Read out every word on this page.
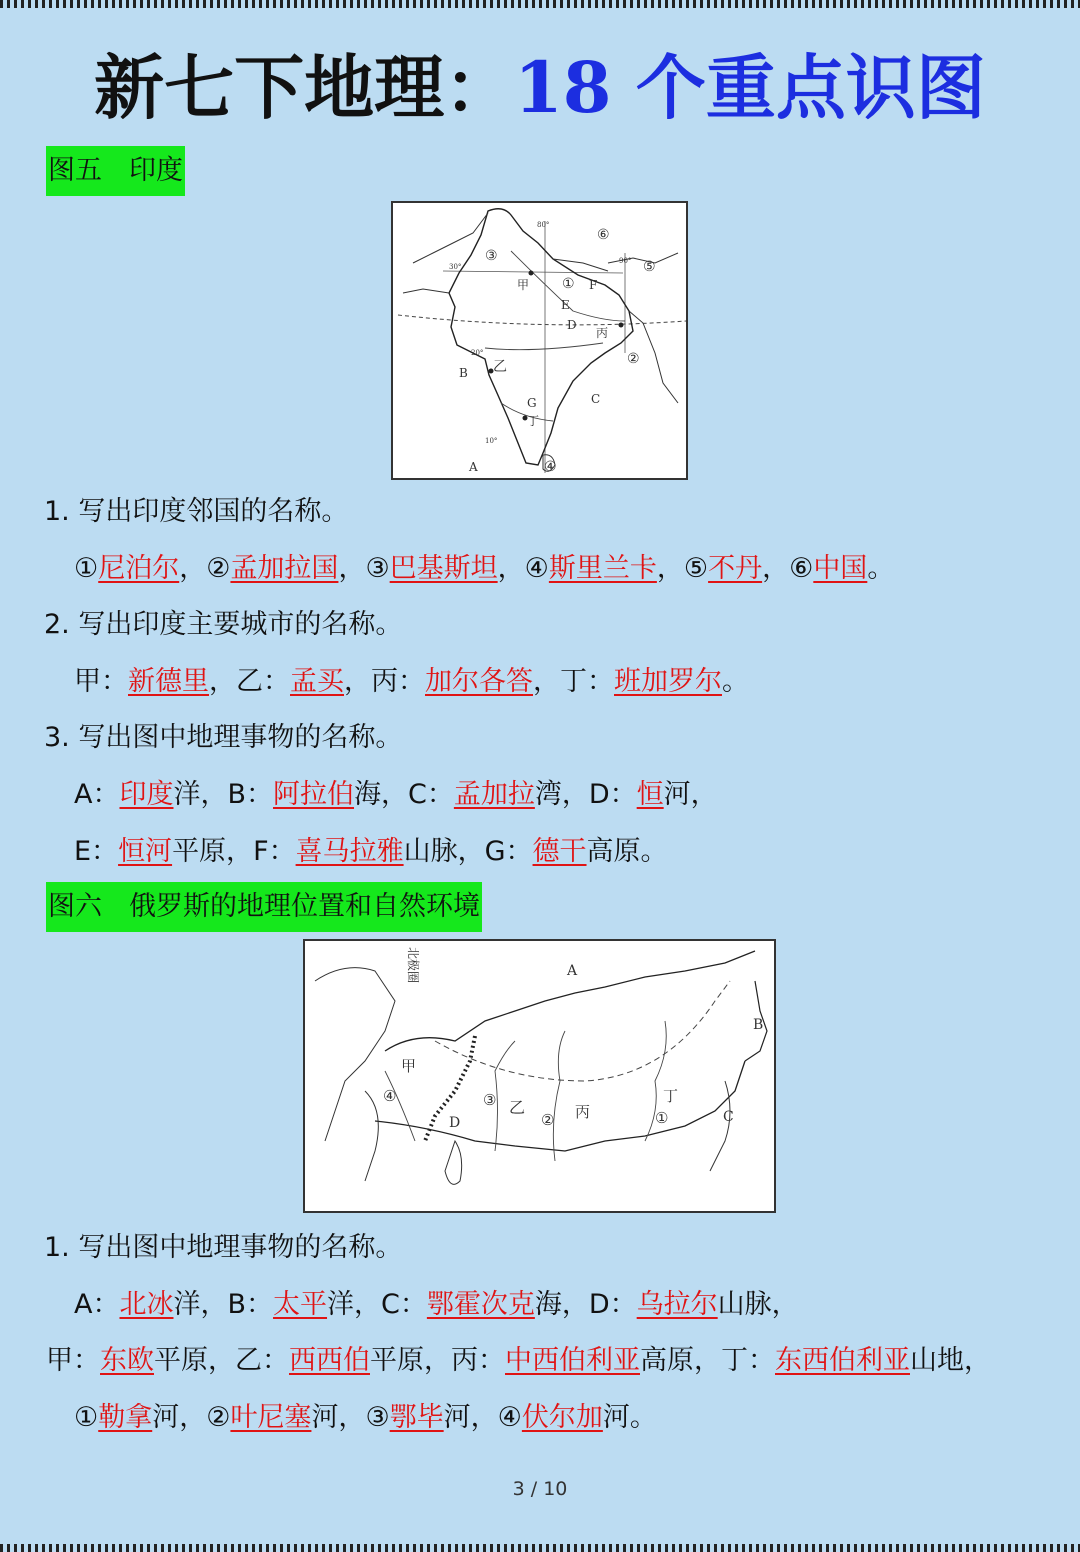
新七下地理：18 个重点识图
图五　印度
①
②
③
④
⑤
⑥
甲
乙
丙
丁
A
B
C
D
E
F
G
30°
20°
10°
80°
90°
1. 写出印度邻国的名称。
①尼泊尔，②孟加拉国，③巴基斯坦，④斯里兰卡，⑤不丹，⑥中国。
2. 写出印度主要城市的名称。
甲：新德里，乙：孟买，丙：加尔各答，丁：班加罗尔。
3. 写出图中地理事物的名称。
A：印度洋，B：阿拉伯海，C：孟加拉湾，D：恒河，
E：恒河平原，F：喜马拉雅山脉，G：德干高原。
图六　俄罗斯的地理位置和自然环境
A
B
C
D
甲
乙	丙
丁
①
②
③
④
北极圈
1. 写出图中地理事物的名称。
A：北冰洋，B：太平洋，C：鄂霍次克海，D：乌拉尔山脉，
甲：东欧平原，乙：西西伯平原，丙：中西伯利亚高原，丁：东西伯利亚山地，
①勒拿河，②叶尼塞河，③鄂毕河，④伏尔加河。
3 / 10
